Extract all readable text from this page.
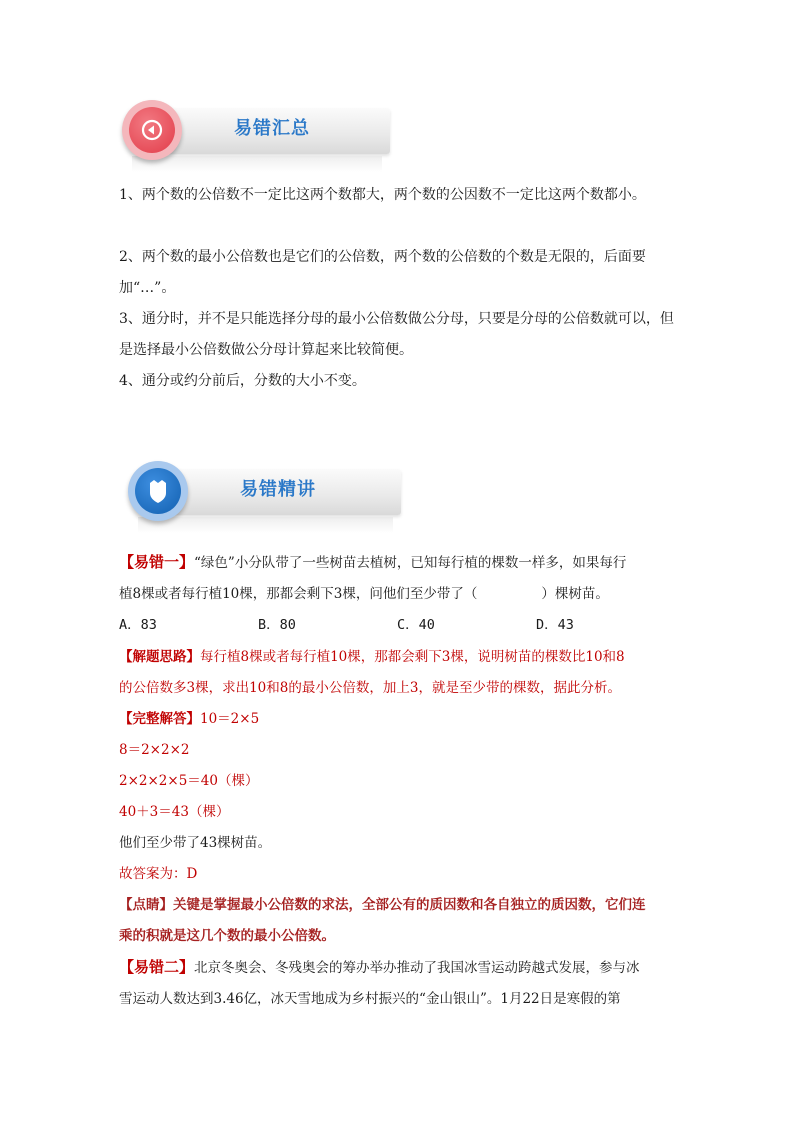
易错汇总
1、两个数的公倍数不一定比这两个数都大，两个数的公因数不一定比这两个数都小。
2、两个数的最小公倍数也是它们的公倍数，两个数的公倍数的个数是无限的，后面要加“…”。
3、通分时，并不是只能选择分母的最小公倍数做公分母，只要是分母的公倍数就可以，但是选择最小公倍数做公分母计算起来比较简便。
4、通分或约分前后，分数的大小不变。
易错精讲
【易错一】“绿色”小分队带了一些树苗去植树，已知每行植的棵数一样多，如果每行
植8棵或者每行植10棵，那都会剩下3棵，问他们至少带了（	）棵树苗。
A．83	B．80	C．40	D．43
【解题思路】每行植8棵或者每行植10棵，那都会剩下3棵，说明树苗的棵数比10和8
的公倍数多3棵，求出10和8的最小公倍数，加上3，就是至少带的棵数，据此分析。
【完整解答】10＝2×5
8＝2×2×2
2×2×2×5＝40（棵）
40＋3＝43（棵）
他们至少带了43棵树苗。
故答案为：D
【点睛】关键是掌握最小公倍数的求法，全部公有的质因数和各自独立的质因数，它们连
乘的积就是这几个数的最小公倍数。
【易错二】北京冬奥会、冬残奥会的筹办举办推动了我国冰雪运动跨越式发展，参与冰
雪运动人数达到3.46亿，冰天雪地成为乡村振兴的“金山银山”。1月22日是寒假的第
